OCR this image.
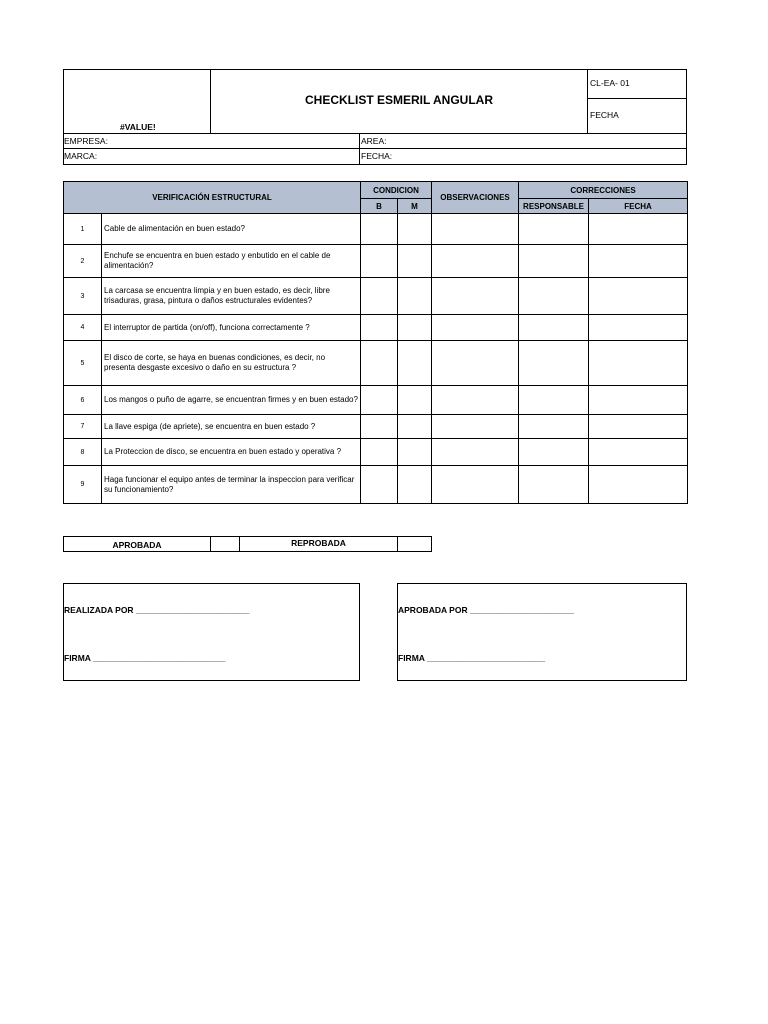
#VALUE!
CHECKLIST ESMERIL ANGULAR
CL-EA- 01
FECHA
EMPRESA:	AREA:
MARCA:	FECHA:
VERIFICACIÓN ESTRUCTURAL		CONDICION		OBSERVACIONES	CORRECCIONES	
		B	M		RESPONSABLE	FECHA
1	Cable de alimentación en buen estado?					
2	Enchufe se encuentra en buen estado y enbutido en el cable de alimentación?					
3	La carcasa se encuentra limpia y en buen estado, es decir, libre trisaduras, grasa, pintura o daños estructurales evidentes?					
4	El interruptor de partida (on/off), funciona correctamente ?					
5	El disco de corte, se haya en buenas condiciones, es decir, no presenta desgaste excesivo o daño en su estructura ?					
6	Los mangos o puño de agarre, se encuentran firmes y en buen estado?					
7	La llave espiga (de apriete), se encuentra en buen estado ?					
8	La Proteccion de disco, se encuentra en buen estado y operativa ?					
9	Haga funcionar el equipo antes de terminar la inspeccion para verificar su funcionamiento?					
APROBADA	REPROBADA
REALIZADA POR ________________________
FIRMA ____________________________
APROBADA POR ______________________
FIRMA _________________________
